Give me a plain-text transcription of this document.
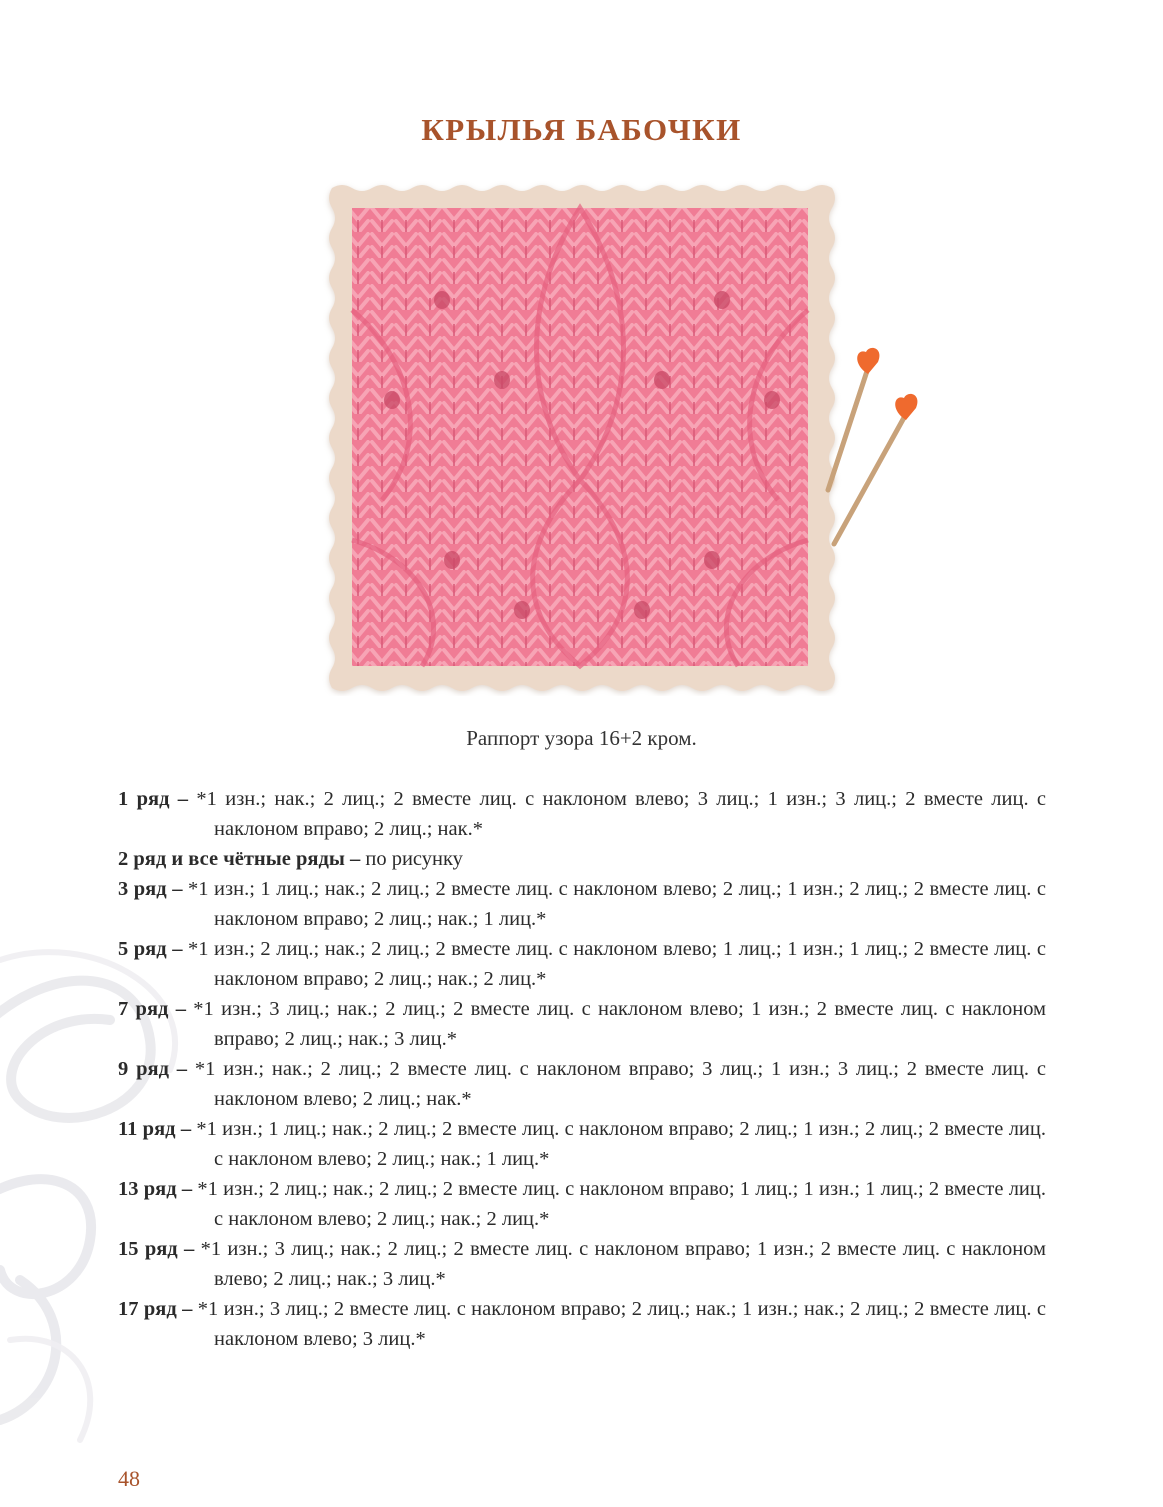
КРЫЛЬЯ БАБОЧКИ
Раппорт узора 16+2 кром.

1 ряд – *1 изн.; нак.; 2 лиц.; 2 вместе лиц. с наклоном влево; 3 лиц.; 1 изн.; 3 лиц.; 2 вместе лиц. с наклоном вправо; 2 лиц.; нак.*

2 ряд и все чётные ряды – по рисунку

3 ряд – *1 изн.; 1 лиц.; нак.; 2 лиц.; 2 вместе лиц. с наклоном влево; 2 лиц.; 1 изн.; 2 лиц.; 2 вместе лиц. с наклоном вправо; 2 лиц.; нак.; 1 лиц.*

5 ряд – *1 изн.; 2 лиц.; нак.; 2 лиц.; 2 вместе лиц. с наклоном влево; 1 лиц.; 1 изн.; 1 лиц.; 2 вместе лиц. с наклоном вправо; 2 лиц.; нак.; 2 лиц.*

7 ряд – *1 изн.; 3 лиц.; нак.; 2 лиц.; 2 вместе лиц. с наклоном влево; 1 изн.; 2 вместе лиц. с наклоном вправо; 2 лиц.; нак.; 3 лиц.*

9 ряд – *1 изн.; нак.; 2 лиц.; 2 вместе лиц. с наклоном вправо; 3 лиц.; 1 изн.; 3 лиц.; 2 вместе лиц. с наклоном влево; 2 лиц.; нак.*

11 ряд – *1 изн.; 1 лиц.; нак.; 2 лиц.; 2 вместе лиц. с наклоном вправо; 2 лиц.; 1 изн.; 2 лиц.; 2 вместе лиц. с наклоном влево; 2 лиц.; нак.; 1 лиц.*

13 ряд – *1 изн.; 2 лиц.; нак.; 2 лиц.; 2 вместе лиц. с наклоном вправо; 1 лиц.; 1 изн.; 1 лиц.; 2 вместе лиц. с наклоном влево; 2 лиц.; нак.; 2 лиц.*

15 ряд – *1 изн.; 3 лиц.; нак.; 2 лиц.; 2 вместе лиц. с наклоном вправо; 1 изн.; 2 вместе лиц. с наклоном влево; 2 лиц.; нак.; 3 лиц.*

17 ряд – *1 изн.; 3 лиц.; 2 вместе лиц. с наклоном вправо; 2 лиц.; нак.; 1 изн.; нак.; 2 лиц.; 2 вместе лиц. с наклоном влево; 3 лиц.*

48
